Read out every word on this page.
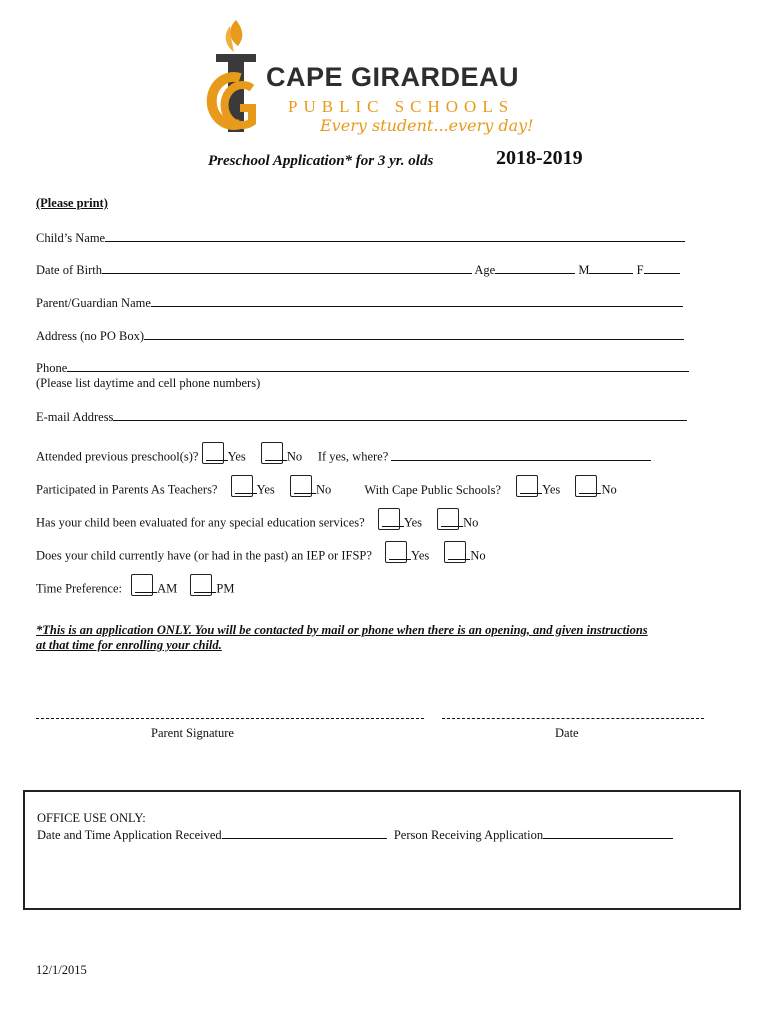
CAPE GIRARDEAU
PUBLIC SCHOOLS
Every student...every day!
Preschool Application* for 3 yr. olds	2018-2019
(Please print)
Child’s Name
Date of Birth	Age	M	F
Parent/Guardian Name
Address (no PO Box)
Phone
(Please list daytime and cell phone numbers)
E-mail Address
Attended previous preschool(s)? Yes	No If yes, where?
Participated in Parents As Teachers?	Yes	No	With Cape Public Schools?	Yes	No
Has your child been evaluated for any special education services?	Yes	No
Does your child currently have (or had in the past) an IEP or IFSP?	Yes	No
Time Preference:	AM	PM
*This is an application ONLY. You will be contacted by mail or phone when there is an opening, and given instructions
at that time for enrolling your child.
Parent Signature	Date
OFFICE USE ONLY:
Date and Time Application Received	Person Receiving Application
12/1/2015
